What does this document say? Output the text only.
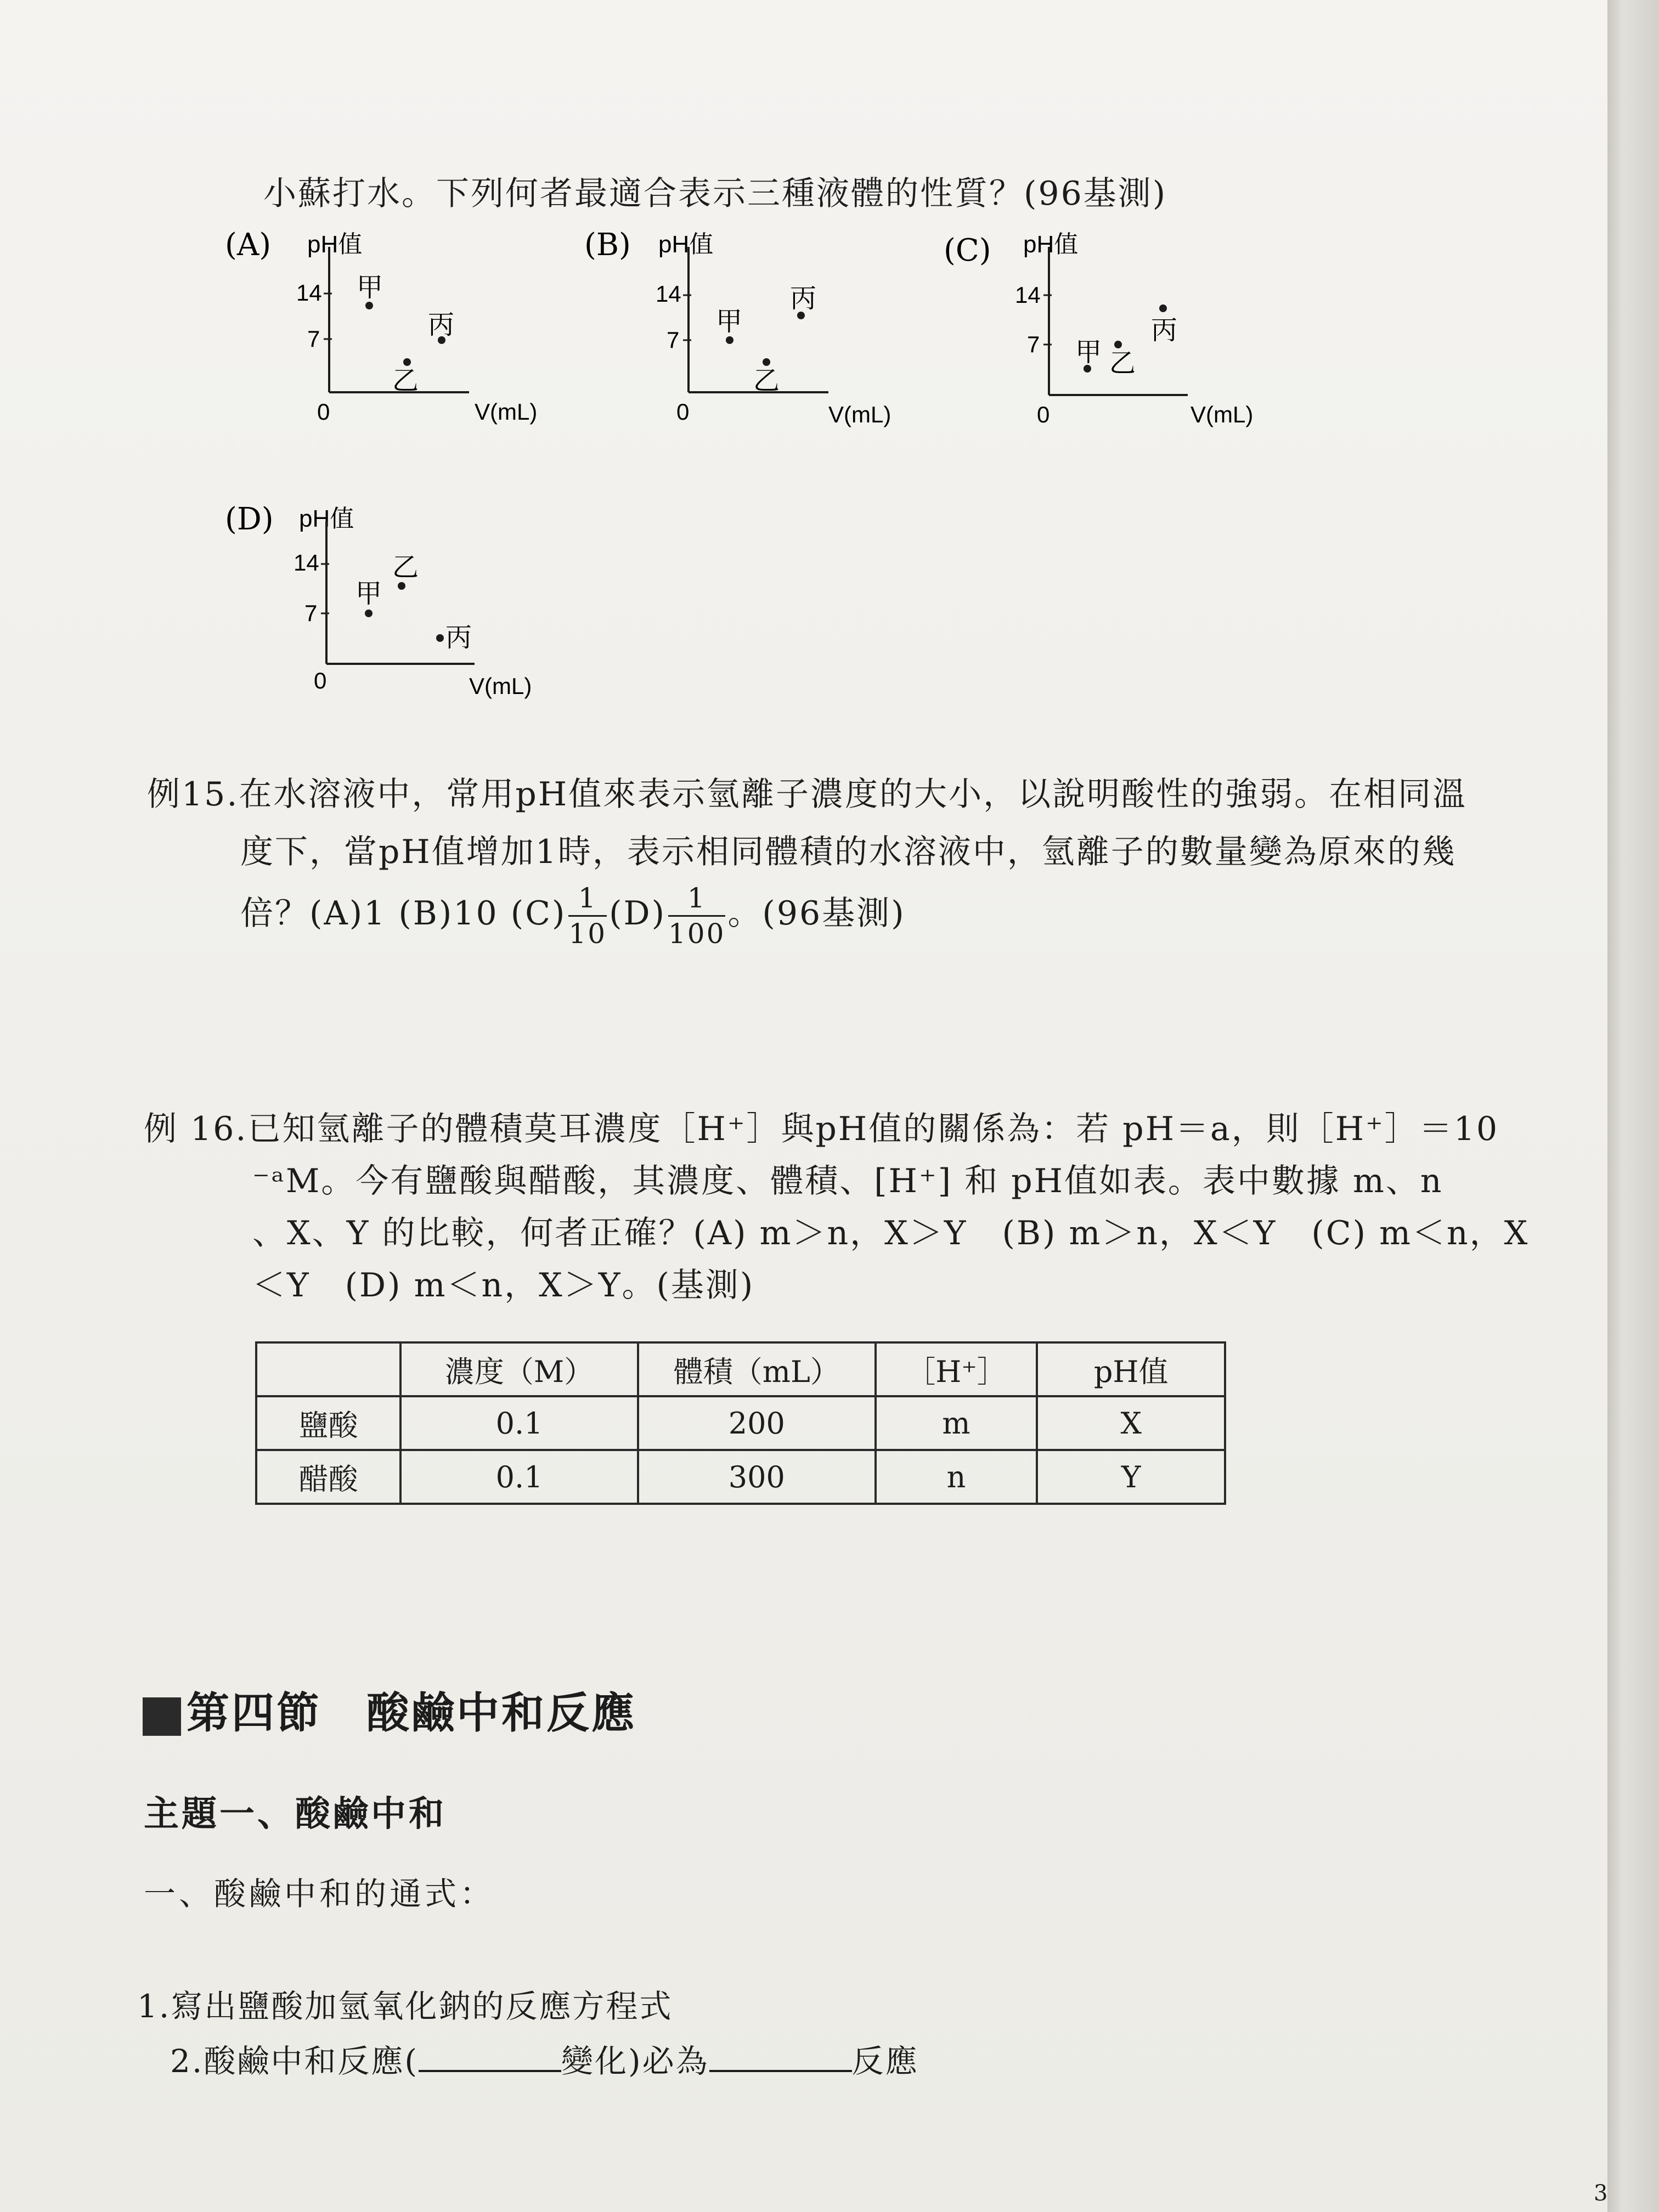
小蘇打水。下列何者最適合表示三種液體的性質？(96基測)
(A) pH值
14
7
0	V(mL)
甲
乙
丙
(B) pH值
14
7
0	V(mL)
甲
乙
丙
(C) pH值
14
7
0	V(mL)
甲 乙
丙
(D) pH值
14
7
0	V(mL)
甲
乙
丙
例15.在水溶液中，常用pH值來表示氫離子濃度的大小，以說明酸性的強弱。在相同溫
度下，當pH值增加1時，表示相同體積的水溶液中，氫離子的數量變為原來的幾
倍？(A)1 (B)10 $(C) \frac{1}{10} (D) \frac{1}{100}$ 。(96基測)
例 16.已知氫離子的體積莫耳濃度［H⁺］與pH值的關係為：若 pH＝a，則［H⁺］＝10
⁻ᵃM。今有鹽酸與醋酸，其濃度、體積、[H⁺] 和 pH值如表。表中數據 m、n
、X、Y 的比較，何者正確？(A) m＞n，X＞Y　(B) m＞n，X＜Y　(C) m＜n，X
＜Y　(D) m＜n，X＞Y。(基測)
	濃度（M）	體積（mL）	［H⁺］	pH值
鹽酸	0.1	200	m	X
醋酸	0.1	300	n	Y
第四節　酸鹼中和反應
主題一、酸鹼中和
一、酸鹼中和的通式：
1.寫出鹽酸加氫氧化鈉的反應方程式
2.酸鹼中和反應(	變化)必為	反應
3
